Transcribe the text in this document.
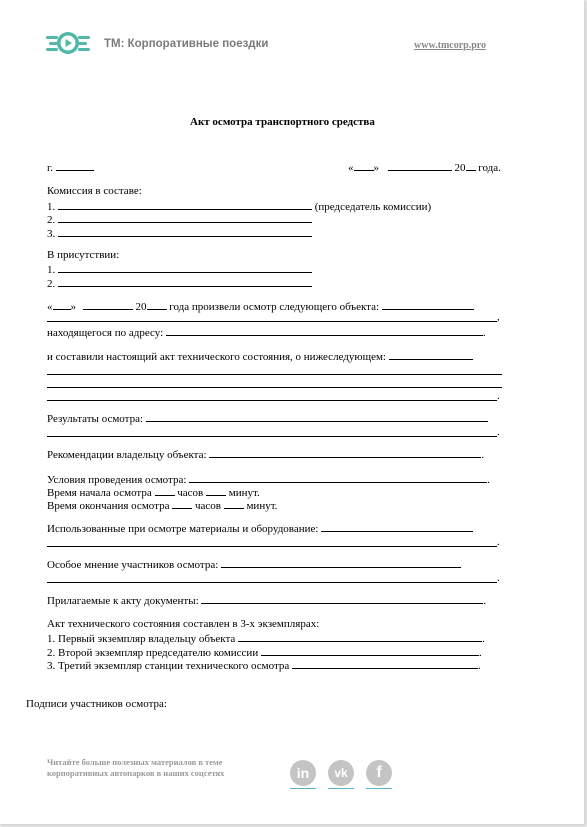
ТМ: Корпоративные поездки	www.tmcorp.pro
Акт осмотра транспортного средства
г.	« »	20 года.
Комиссия в составе:
1.	(председатель комиссии)
2.
3.
В присутствии:
1.
2.
« »	20 года произвели осмотр следующего объекта:
,
находящегося по адресу:	.
и составили настоящий акт технического состояния, о нижеследующем:
.
Результаты осмотра:
.
Рекомендации владельцу объекта:	.
Условия проведения осмотра:	.
Время начала осмотра часов минут.
Время окончания осмотра часов минут.
Использованные при осмотре материалы и оборудование:
.
Особое мнение участников осмотра:
.
Прилагаемые к акту документы:	.
Акт технического состояния составлен в 3-х экземплярах:
1. Первый экземпляр владельцу объекта	.
2. Второй экземпляр председателю комиссии	.
3. Третий экземпляр станции технического осмотра	.
Подписи участников осмотра:
Читайте больше полезных материалов в теме
корпоративных автопарков в наших соцсетях	in	vk	f
